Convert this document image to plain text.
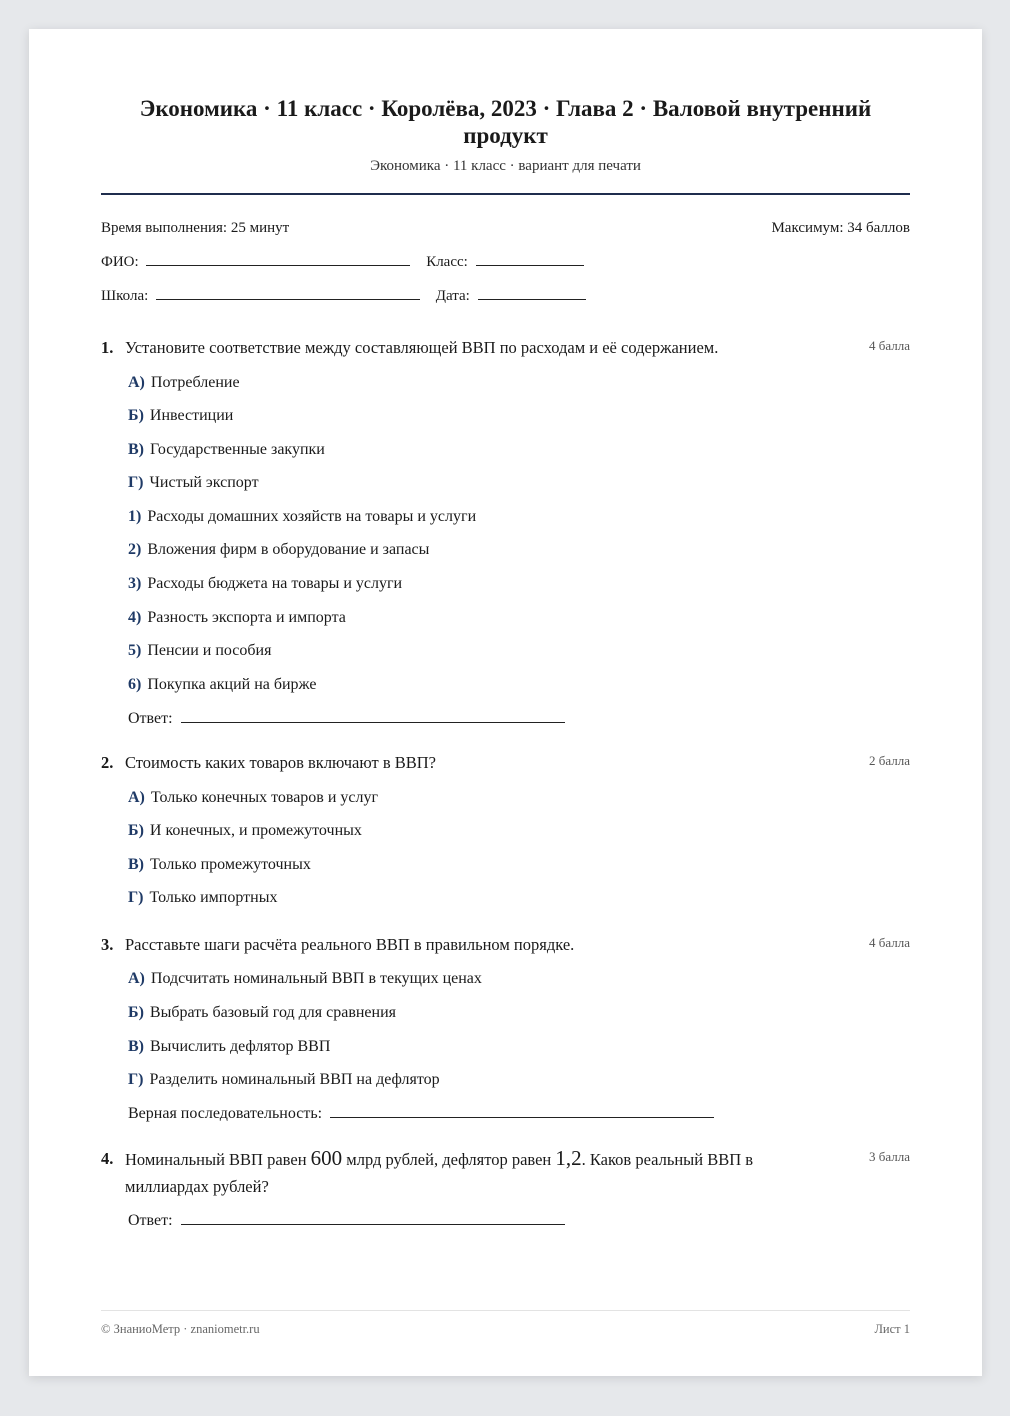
Экономика · 11 класс · Королёва, 2023 · Глава 2 · Валовой внутренний продукт
Экономика · 11 класс · вариант для печати
Время выполнения: 25 минут	Максимум: 34 баллов
ФИО:	Класс:
Школа:	Дата:
1. Установите соответствие между составляющей ВВП по расходам и её содержанием.	4 балла
А) Потребление
Б) Инвестиции
В) Государственные закупки
Г) Чистый экспорт
1) Расходы домашних хозяйств на товары и услуги
2) Вложения фирм в оборудование и запасы
3) Расходы бюджета на товары и услуги
4) Разность экспорта и импорта
5) Пенсии и пособия
6) Покупка акций на бирже
Ответ:
2. Стоимость каких товаров включают в ВВП?	2 балла
А) Только конечных товаров и услуг
Б) И конечных, и промежуточных
В) Только промежуточных
Г) Только импортных
3. Расставьте шаги расчёта реального ВВП в правильном порядке.	4 балла
А) Подсчитать номинальный ВВП в текущих ценах
Б) Выбрать базовый год для сравнения
В) Вычислить дефлятор ВВП
Г) Разделить номинальный ВВП на дефлятор
Верная последовательность:
4. Номинальный ВВП равен 600 млрд рублей, дефлятор равен 1,2. Каков реальный ВВП в миллиардах рублей?
3 балла
Ответ:
© ЗнаниоМетр · znaniometr.ru	Лист 1
